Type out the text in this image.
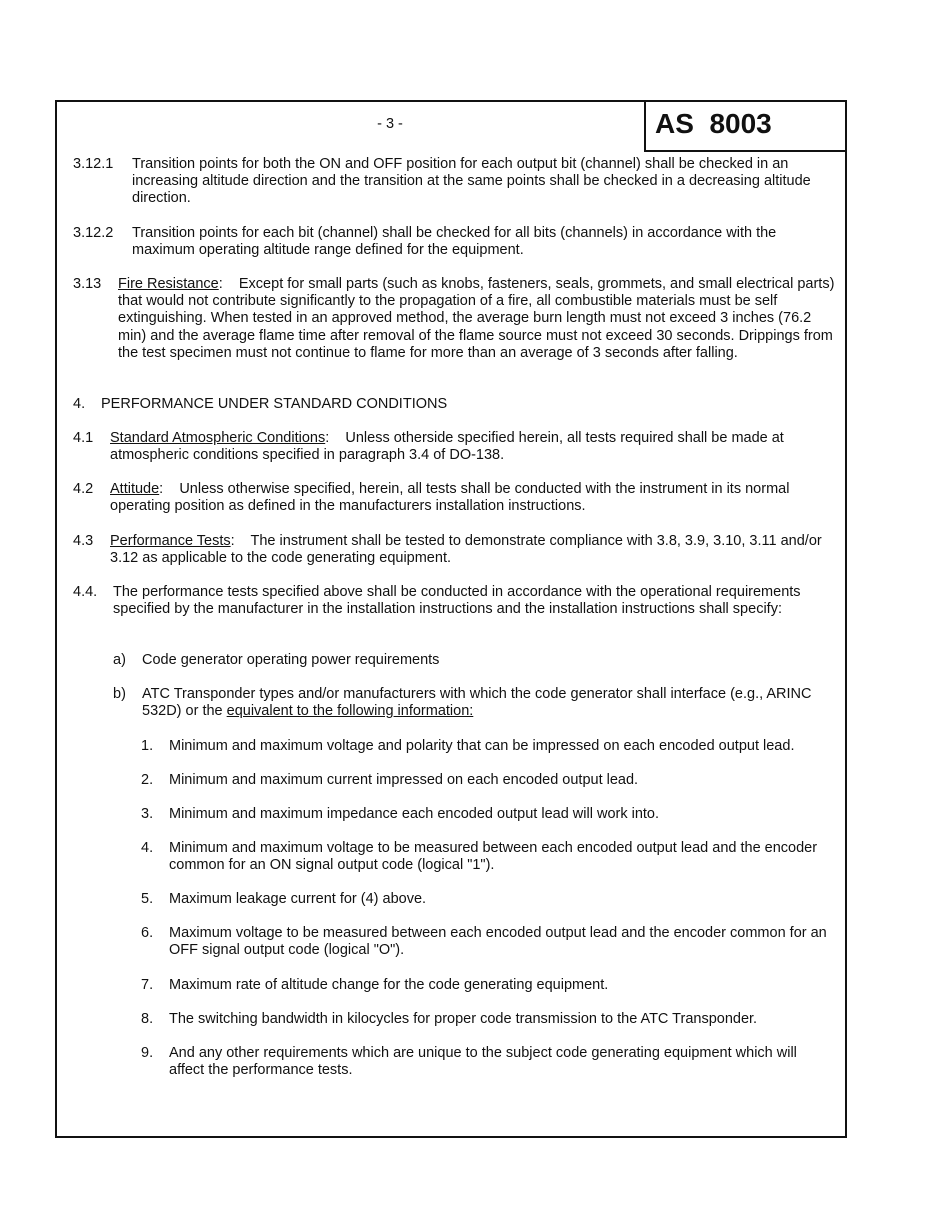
- 3 -	AS  8003
3.12.1 Transition points for both the ON and OFF position for each output bit (channel) shall be checked in an increasing altitude direction and the transition at the same points shall be checked in a decreasing altitude direction.
3.12.2 Transition points for each bit (channel) shall be checked for all bits (channels) in accordance with the maximum operating altitude range defined for the equipment.
3.13 Fire Resistance:    Except for small parts (such as knobs, fasteners, seals, grommets, and small electrical parts) that would not contribute significantly to the propagation of a fire, all combustible materials must be self extinguishing. When tested in an approved method, the average burn length must not exceed 3 inches (76.2 min) and the average flame time after removal of the flame source must not exceed 30 seconds. Drippings from the test specimen must not continue to flame for more than an average of 3 seconds after falling.
4. PERFORMANCE UNDER STANDARD CONDITIONS
4.1 Standard Atmospheric Conditions:    Unless otherside specified herein, all tests required shall be made at atmospheric conditions specified in paragraph 3.4 of DO-138.
4.2 Attitude:    Unless otherwise specified, herein, all tests shall be conducted with the instrument in its normal operating position as defined in the manufacturers installation instructions.
4.3 Performance Tests:    The instrument shall be tested to demonstrate compliance with 3.8, 3.9, 3.10, 3.11 and/or 3.12 as applicable to the code generating equipment.
4.4. The performance tests specified above shall be conducted in accordance with the operational requirements specified by the manufacturer in the installation instructions and the installation instructions shall specify:
a) Code generator operating power requirements
b) ATC Transponder types and/or manufacturers with which the code generator shall interface (e.g., ARINC 532D) or the equivalent to the following information:
1. Minimum and maximum voltage and polarity that can be impressed on each encoded output lead.
2. Minimum and maximum current impressed on each encoded output lead.
3. Minimum and maximum impedance each encoded output lead will work into.
4. Minimum and maximum voltage to be measured between each encoded output lead and the encoder common for an ON signal output code (logical "1").
5. Maximum leakage current for (4) above.
6. Maximum voltage to be measured between each encoded output lead and the encoder common for an OFF signal output code (logical "O").
7. Maximum rate of altitude change for the code generating equipment.
8. The switching bandwidth in kilocycles for proper code transmission to the ATC Transponder.
9. And any other requirements which are unique to the subject code generating equipment which will affect the performance tests.
